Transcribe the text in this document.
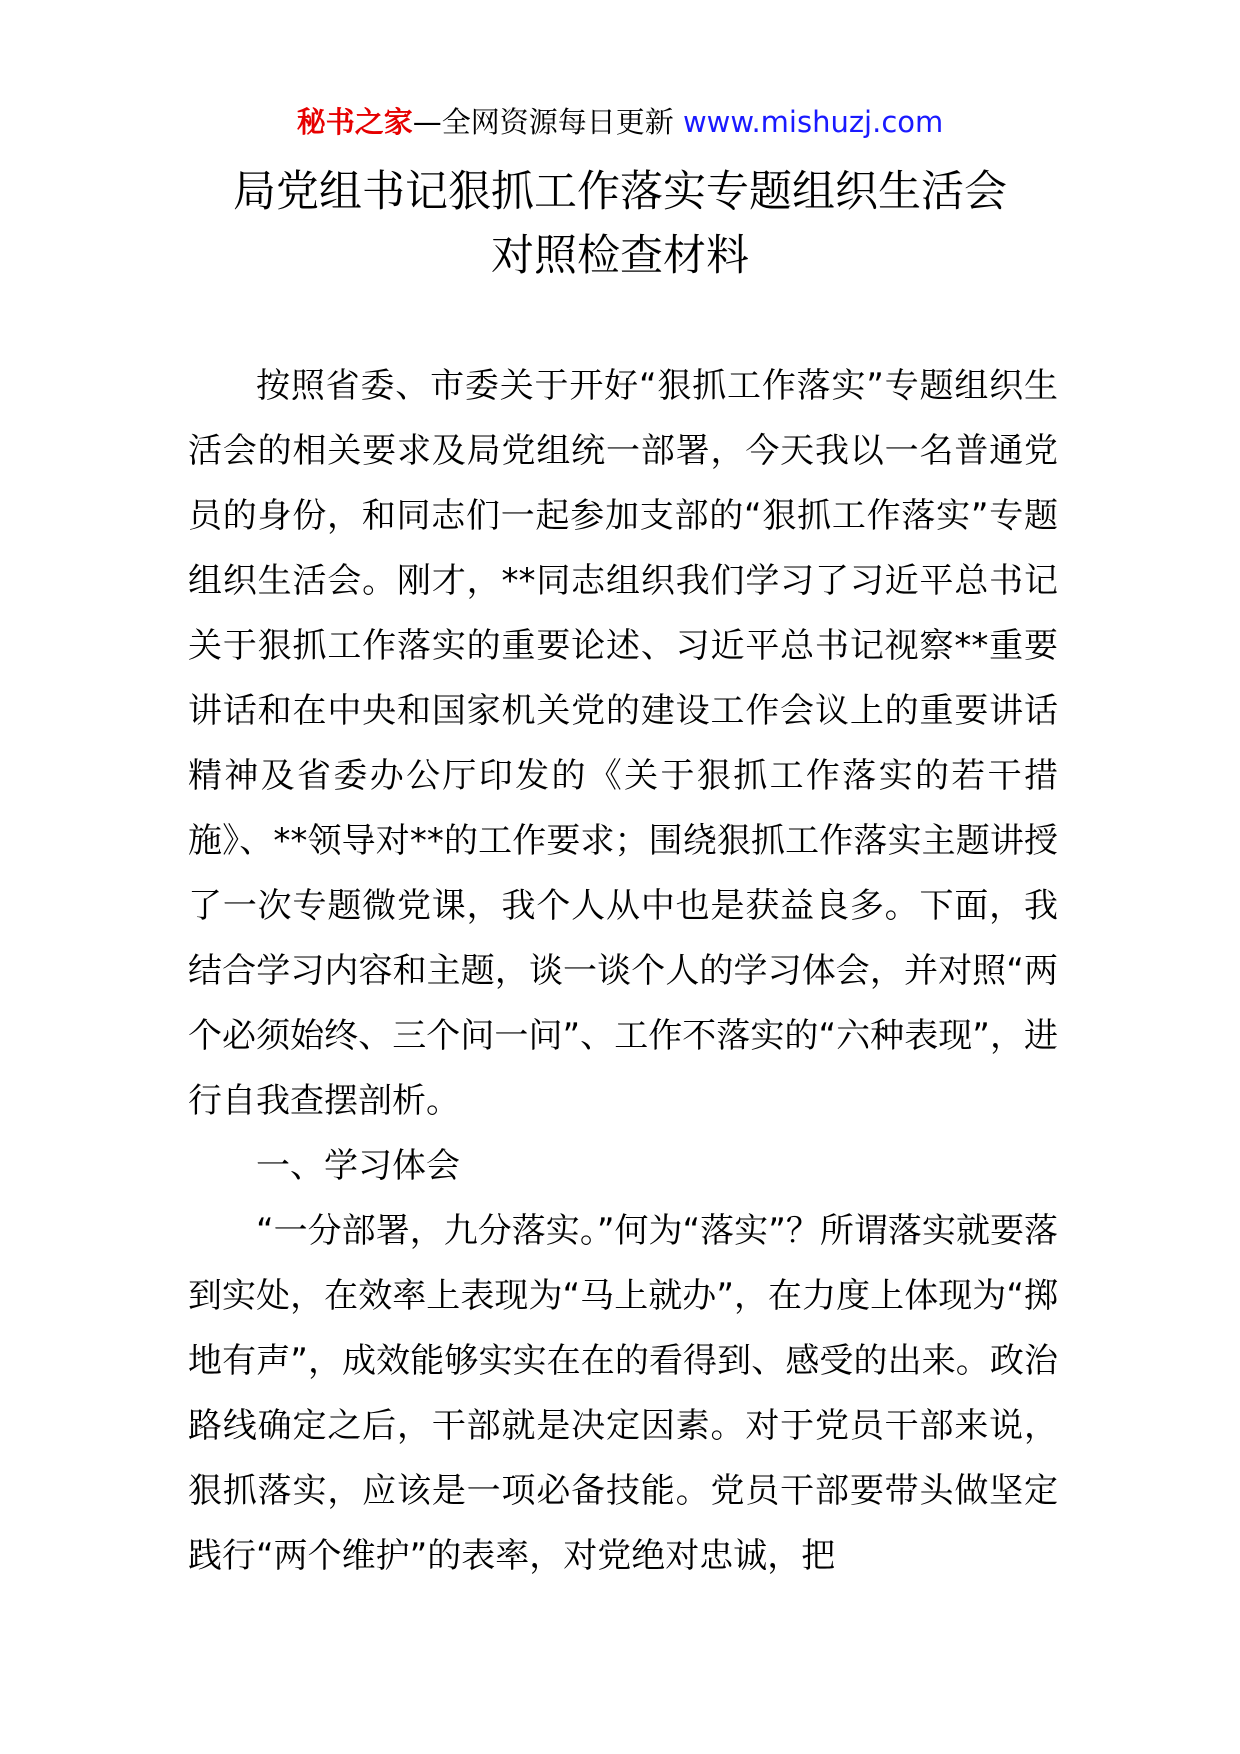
秘书之家—全网资源每日更新 www.mishuzj.com
局党组书记狠抓工作落实专题组织生活会
对照检查材料

按照省委、市委关于开好“狠抓工作落实”专题组织生活会的相关要求及局党组统一部署，今天我以一名普通党员的身份，和同志们一起参加支部的“狠抓工作落实”专题组织生活会。刚才，**同志组织我们学习了习近平总书记关于狠抓工作落实的重要论述、习近平总书记视察**重要讲话和在中央和国家机关党的建设工作会议上的重要讲话精神及省委办公厅印发的《关于狠抓工作落实的若干措施》、**领导对**的工作要求；围绕狠抓工作落实主题讲授了一次专题微党课，我个人从中也是获益良多。下面，我结合学习内容和主题，谈一谈个人的学习体会，并对照“两个必须始终、三个问一问”、工作不落实的“六种表现”，进行自我查摆剖析。

一、学习体会

“一分部署，九分落实。”何为“落实”？所谓落实就要落到实处，在效率上表现为“马上就办”，在力度上体现为“掷地有声”，成效能够实实在在的看得到、感受的出来。政治路线确定之后，干部就是决定因素。对于党员干部来说，狠抓落实，应该是一项必备技能。党员干部要带头做坚定践行“两个维护”的表率，对党绝对忠诚，把
